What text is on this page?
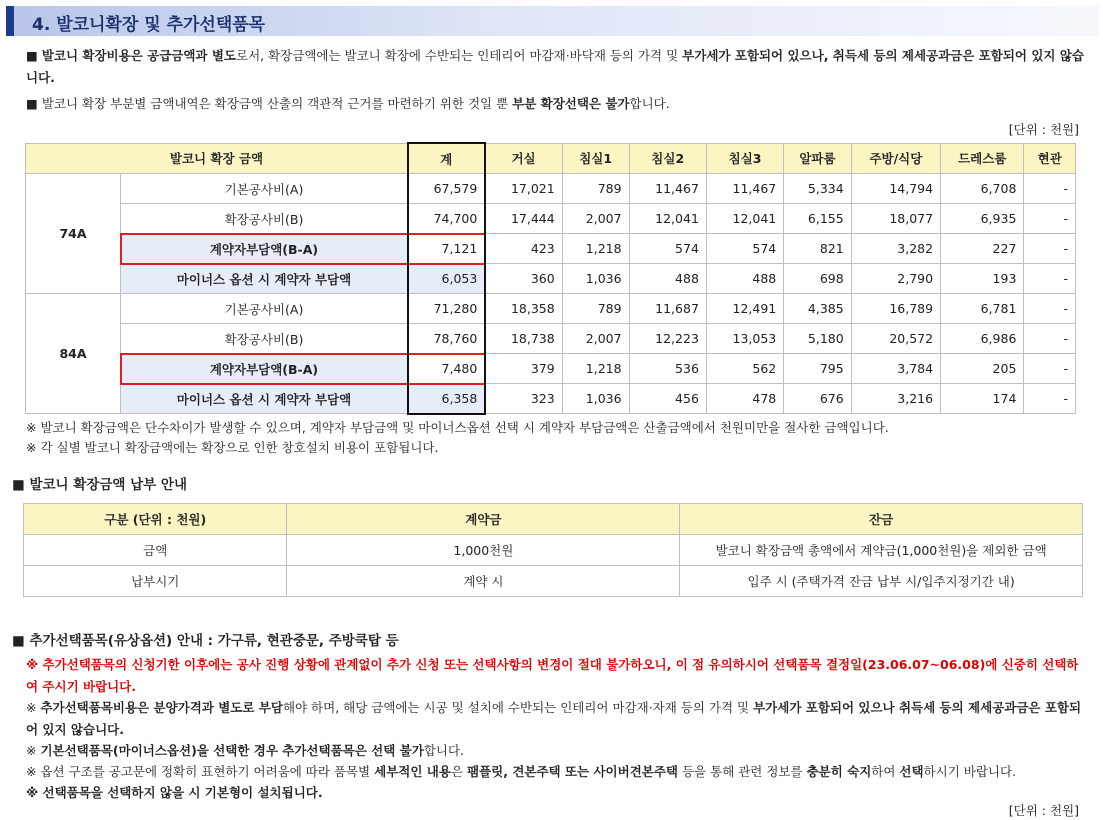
4. 발코니확장 및 추가선택품목
■ 발코니 확장비용은 공급금액과 별도로서, 확장금액에는 발코니 확장에 수반되는 인테리어 마감재·바닥재 등의 가격 및 부가세가 포함되어 있으나, 취득세 등의 제세공과금은 포함되어 있지 않습니다.
■ 발코니 확장 부분별 금액내역은 확장금액 산출의 객관적 근거를 마련하기 위한 것일 뿐 부분 확장선택은 불가합니다.
[단위 : 천원]
발코니 확장 금액		계	거실	침실1	침실2	침실3	알파룸	주방/식당	드레스룸	현관
74A	기본공사비(A)	67,579	17,021	789	11,467	11,467	5,334	14,794	6,708	-
	확장공사비(B)	74,700	17,444	2,007	12,041	12,041	6,155	18,077	6,935	-
	계약자부담액(B-A)	7,121	423	1,218	574	574	821	3,282	227	-
	마이너스 옵션 시 계약자 부담액	6,053	360	1,036	488	488	698	2,790	193	-
84A	기본공사비(A)	71,280	18,358	789	11,687	12,491	4,385	16,789	6,781	-
	확장공사비(B)	78,760	18,738	2,007	12,223	13,053	5,180	20,572	6,986	-
	계약자부담액(B-A)	7,480	379	1,218	536	562	795	3,784	205	-
	마이너스 옵션 시 계약자 부담액	6,358	323	1,036	456	478	676	3,216	174	-
※ 발코니 확장금액은 단수차이가 발생할 수 있으며, 계약자 부담금액 및 마이너스옵션 선택 시 계약자 부담금액은 산출금액에서 천원미만을 절사한 금액입니다.
※ 각 실별 발코니 확장금액에는 확장으로 인한 창호설치 비용이 포함됩니다.
■ 발코니 확장금액 납부 안내
구분 (단위 : 천원)	계약금	잔금
금액	1,000천원	발코니 확장금액 총액에서 계약금(1,000천원)을 제외한 금액
납부시기	계약 시	입주 시 (주택가격 잔금 납부 시/입주지정기간 내)
■ 추가선택품목(유상옵션) 안내 : 가구류, 현관중문, 주방쿡탑 등
※ 추가선택품목의 신청기한 이후에는 공사 진행 상황에 관계없이 추가 신청 또는 선택사항의 변경이 절대 불가하오니, 이 점 유의하시어 선택품목 결정일(23.06.07~06.08)에 신중히 선택하여 주시기 바랍니다.
※ 추가선택품목비용은 분양가격과 별도로 부담해야 하며, 해당 금액에는 시공 및 설치에 수반되는 인테리어 마감재·자재 등의 가격 및 부가세가 포함되어 있으나 취득세 등의 제세공과금은 포함되어 있지 않습니다.
※ 기본선택품목(마이너스옵션)을 선택한 경우 추가선택품목은 선택 불가합니다.
※ 옵션 구조를 공고문에 정확히 표현하기 어려움에 따라 품목별 세부적인 내용은 팸플릿, 견본주택 또는 사이버견본주택 등을 통해 관련 정보를 충분히 숙지하여 선택하시기 바랍니다.
※ 선택품목을 선택하지 않을 시 기본형이 설치됩니다.
[단위 : 천원]
